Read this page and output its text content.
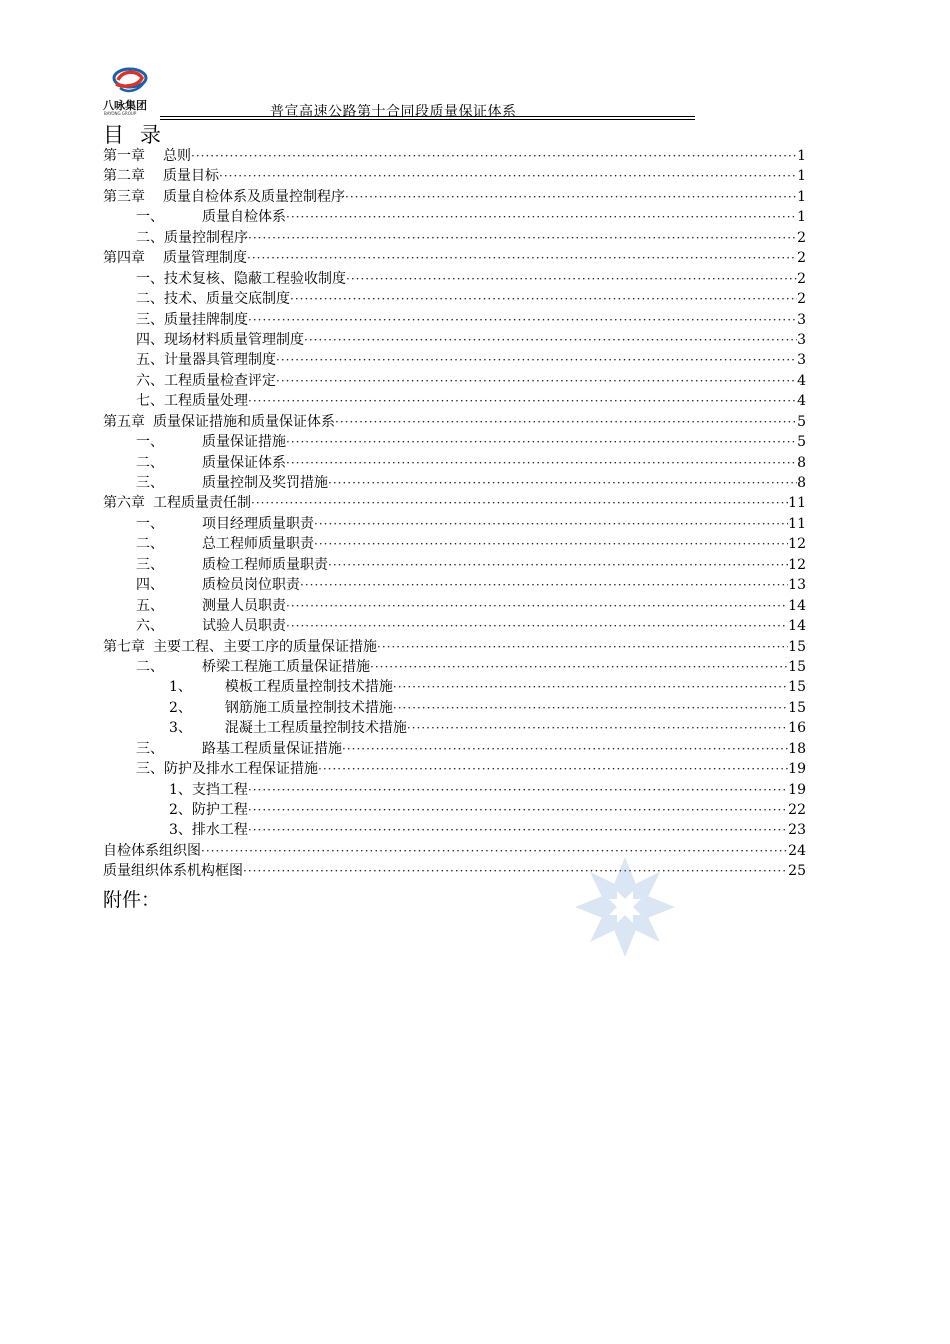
八咏集团
BAYONG GROUP	普宣高速公路第十合同段质量保证体系
目录
第一章 总则 ·····	1
第二章 质量目标 ·····	1
第三章 质量自检体系及质量控制程序 ·····	1
一、	质量自检体系 ·····	1
二、质量控制程序 ·····	2
第四章 质量管理制度 ·····	2
一、技术复核、隐蔽工程验收制度 ·····	2
二、技术、质量交底制度 ·····	2
三、质量挂牌制度 ·····	3
四、现场材料质量管理制度 ·····	3
五、计量器具管理制度 ·····	3
六、工程质量检查评定 ·····	4
七、工程质量处理 ·····	4
第五章 质量保证措施和质量保证体系 ·····	5
一、	质量保证措施 ·····	5
二、	质量保证体系 ·····	8
三、	质量控制及奖罚措施 ·····	8
第六章 工程质量责任制 ·····	11
一、	项目经理质量职责 ·····	11
二、	总工程师质量职责 ·····	12
三、	质检工程师质量职责 ·····	12
四、	质检员岗位职责 ·····	13
五、	测量人员职责 ·····	14
六、	试验人员职责 ·····	14
第七章 主要工程、主要工序的质量保证措施 ·····	15
二、	桥梁工程施工质量保证措施 ·····	15
1、 模板工程质量控制技术措施 ·····	15
2、 钢筋施工质量控制技术措施 ·····	15
3、 混凝土工程质量控制技术措施 ·····	16
三、	路基工程质量保证措施 ·····	18
三、防护及排水工程保证措施 ·····	19
1、支挡工程 ·····	19
2、防护工程 ·····	22
3、排水工程 ·····	23
自检体系组织图 ·····	24
质量组织体系机构框图 ·····	25
附件：
